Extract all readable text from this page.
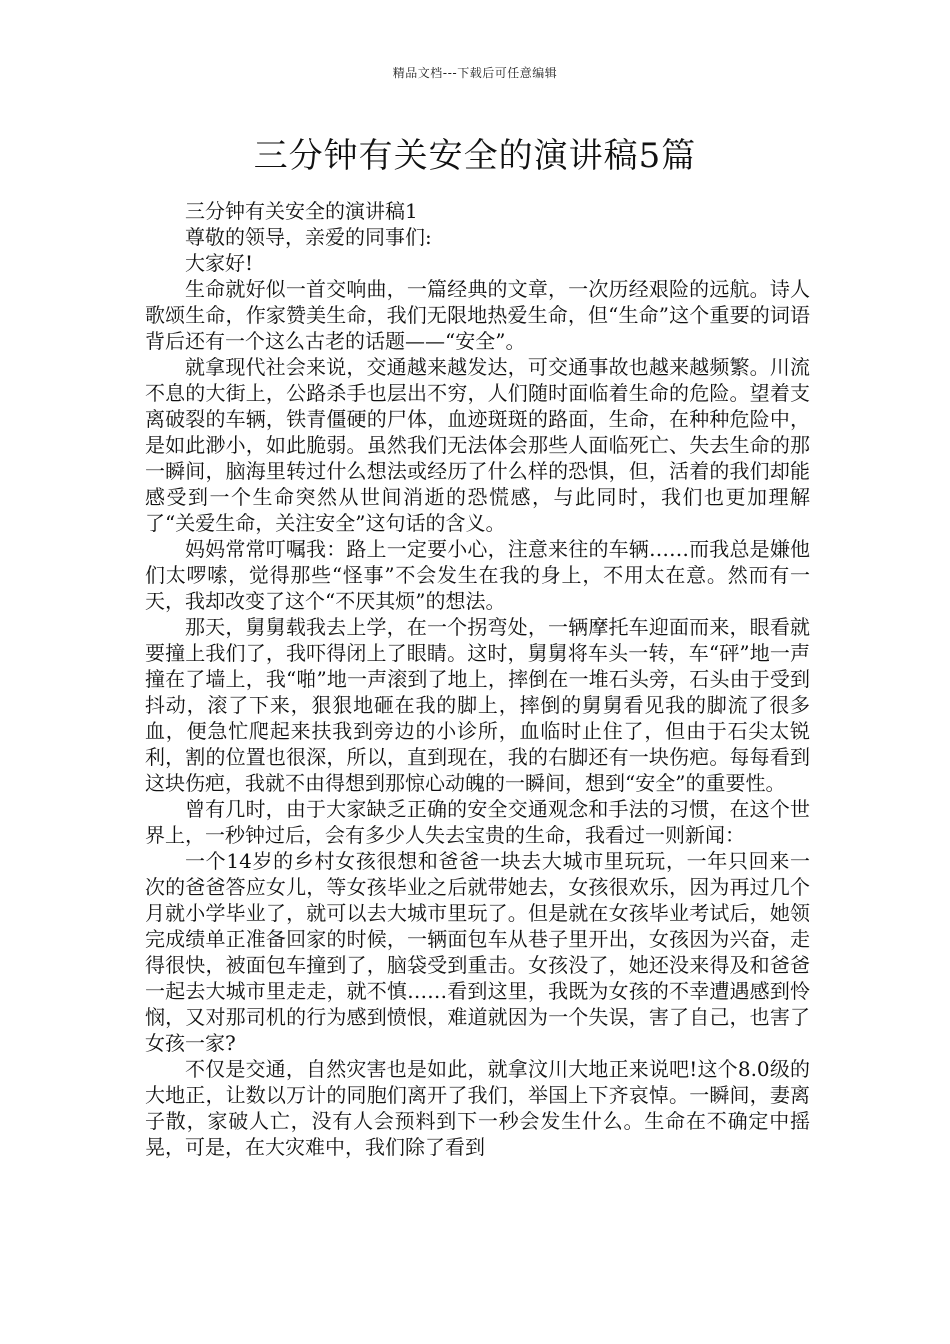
精品文档---下载后可任意编辑
三分钟有关安全的演讲稿5篇

三分钟有关安全的演讲稿1

尊敬的领导，亲爱的同事们:

大家好!

生命就好似一首交响曲，一篇经典的文章，一次历经艰险的远航。诗人歌颂生命，作家赞美生命，我们无限地热爱生命，但“生命”这个重要的词语背后还有一个这么古老的话题——“安全”。

就拿现代社会来说，交通越来越发达，可交通事故也越来越频繁。川流不息的大街上，公路杀手也层出不穷，人们随时面临着生命的危险。望着支离破裂的车辆，铁青僵硬的尸体，血迹斑斑的路面，生命，在种种危险中，是如此渺小，如此脆弱。虽然我们无法体会那些人面临死亡、失去生命的那一瞬间，脑海里转过什么想法或经历了什么样的恐惧，但，活着的我们却能感受到一个生命突然从世间消逝的恐慌感，与此同时，我们也更加理解了“关爱生命，关注安全”这句话的含义。

妈妈常常叮嘱我：路上一定要小心，注意来往的车辆……而我总是嫌他们太啰嗦，觉得那些“怪事”不会发生在我的身上，不用太在意。然而有一天，我却改变了这个“不厌其烦”的想法。

那天，舅舅载我去上学，在一个拐弯处，一辆摩托车迎面而来，眼看就要撞上我们了，我吓得闭上了眼睛。这时，舅舅将车头一转，车“砰”地一声撞在了墙上，我“啪”地一声滚到了地上，摔倒在一堆石头旁，石头由于受到抖动，滚了下来，狠狠地砸在我的脚上，摔倒的舅舅看见我的脚流了很多血，便急忙爬起来扶我到旁边的小诊所，血临时止住了，但由于石尖太锐利，割的位置也很深，所以，直到现在，我的右脚还有一块伤疤。每每看到这块伤疤，我就不由得想到那惊心动魄的一瞬间，想到“安全”的重要性。

曾有几时，由于大家缺乏正确的安全交通观念和手法的习惯，在这个世界上，一秒钟过后，会有多少人失去宝贵的生命，我看过一则新闻：

一个14岁的乡村女孩很想和爸爸一块去大城市里玩玩，一年只回来一次的爸爸答应女儿，等女孩毕业之后就带她去，女孩很欢乐，因为再过几个月就小学毕业了，就可以去大城市里玩了。但是就在女孩毕业考试后，她领完成绩单正准备回家的时候，一辆面包车从巷子里开出，女孩因为兴奋，走得很快，被面包车撞到了，脑袋受到重击。女孩没了，她还没来得及和爸爸一起去大城市里走走，就不慎……看到这里，我既为女孩的不幸遭遇感到怜悯，又对那司机的行为感到愤恨，难道就因为一个失误，害了自己，也害了女孩一家?

不仅是交通，自然灾害也是如此，就拿汶川大地正来说吧!这个8.0级的大地正，让数以万计的同胞们离开了我们，举国上下齐哀悼。一瞬间，妻离子散，家破人亡，没有人会预料到下一秒会发生什么。生命在不确定中摇晃，可是，在大灾难中，我们除了看到
